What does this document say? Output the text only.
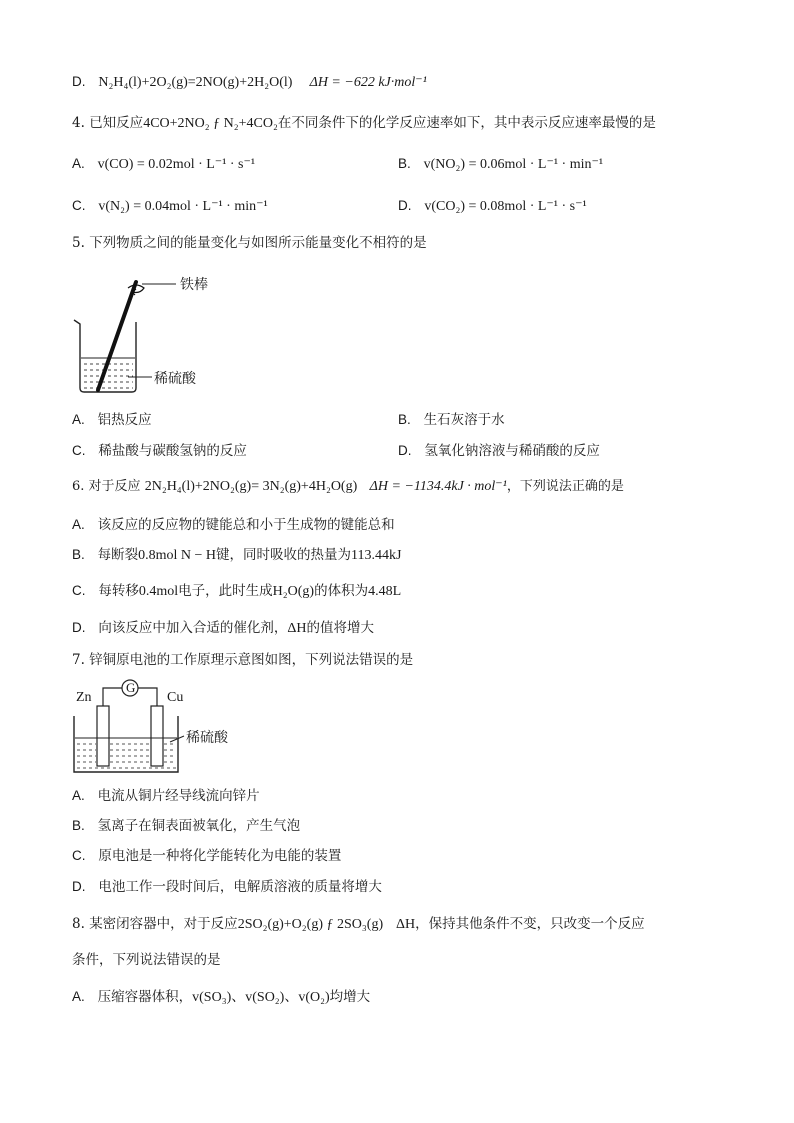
D. N₂H₄(l)+2O₂(g)=2NO(g)+2H₂O(l) ΔH = −622 kJ·mol⁻¹
4. 已知反应4CO+2NO₂ ƒ N₂+4CO₂在不同条件下的化学反应速率如下，其中表示反应速率最慢的是
A. v(CO) = 0.02mol · L⁻¹ · s⁻¹	B. v(NO₂) = 0.06mol · L⁻¹ · min⁻¹
C. v(N₂) = 0.04mol · L⁻¹ · min⁻¹	D. v(CO₂) = 0.08mol · L⁻¹ · s⁻¹
5. 下列物质之间的能量变化与如图所示能量变化不相符的是
铁棒
稀硫酸
A. 铝热反应	B. 生石灰溶于水
C. 稀盐酸与碳酸氢钠的反应	D. 氢氧化钠溶液与稀硝酸的反应
6. 对于反应 2N₂H₄(l)+2NO₂(g)= 3N₂(g)+4H₂O(g) ΔH = −1134.4kJ · mol⁻¹，下列说法正确的是
A. 该反应的反应物的键能总和小于生成物的键能总和
B. 每断裂0.8mol N − H键，同时吸收的热量为113.44kJ
C. 每转移0.4mol电子，此时生成H₂O(g)的体积为4.48L
D. 向该反应中加入合适的催化剂，ΔH的值将增大
7. 锌铜原电池的工作原理示意图如图，下列说法错误的是
G
Zn	Cu
稀硫酸
A. 电流从铜片经导线流向锌片
B. 氢离子在铜表面被氧化，产生气泡
C. 原电池是一种将化学能转化为电能的装置
D. 电池工作一段时间后，电解质溶液的质量将增大
8. 某密闭容器中，对于反应2SO₂(g)+O₂(g) ƒ 2SO₃(g) ΔH，保持其他条件不变，只改变一个反应
条件，下列说法错误的是
A. 压缩容器体积，v(SO₃)、v(SO₂)、v(O₂)均增大
